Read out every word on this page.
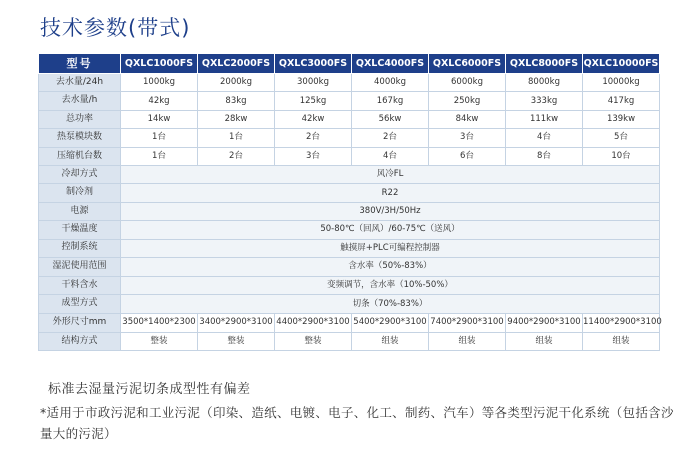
技术参数(带式)
型号	QXLC1000FS	QXLC2000FS	QXLC3000FS	QXLC4000FS	QXLC6000FS	QXLC8000FS	QXLC10000FS
去水量/24h	1000kg	2000kg	3000kg	4000kg	6000kg	8000kg	10000kg
去水量/h	42kg	83kg	125kg	167kg	250kg	333kg	417kg
总功率	14kw	28kw	42kw	56kw	84kw	111kw	139kw
热泵模块数	1台	1台	2台	2台	3台	4台	5台
压缩机台数	1台	2台	3台	4台	6台	8台	10台
冷却方式	风冷FL						
制冷剂	R22						
电源	380V/3H/50Hz						
干燥温度	50-80℃（回风）/60-75℃（送风）						
控制系统	触摸屏+PLC可编程控制器						
湿泥使用范围	含水率（50%-83%）						
干料含水	变频调节，含水率（10%-50%）						
成型方式	切条（70%-83%）						
外形尺寸mm	3500*1400*2300	3400*2900*3100	4400*2900*3100	5400*2900*3100	7400*2900*3100	9400*2900*3100	11400*2900*3100
结构方式	整装	整装	整装	组装	组装	组装	组装
标准去湿量污泥切条成型性有偏差
*适用于市政污泥和工业污泥（印染、造纸、电镀、电子、化工、制药、汽车）等各类型污泥干化系统（包括含沙量大的污泥）
